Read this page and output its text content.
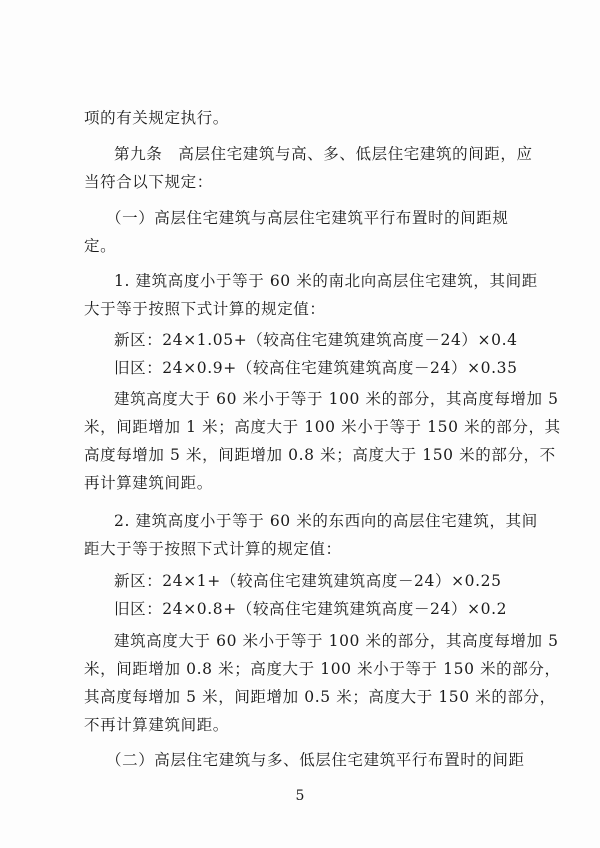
项的有关规定执行。
第九条　高层住宅建筑与高、多、低层住宅建筑的间距，应
当符合以下规定：
（一）高层住宅建筑与高层住宅建筑平行布置时的间距规
定。
1. 建筑高度小于等于 60 米的南北向高层住宅建筑，其间距
大于等于按照下式计算的规定值：
新区：24×1.05+（较高住宅建筑建筑高度－24）×0.4
旧区：24×0.9+（较高住宅建筑建筑高度－24）×0.35
建筑高度大于 60 米小于等于 100 米的部分，其高度每增加 5
米，间距增加 1 米；高度大于 100 米小于等于 150 米的部分，其
高度每增加 5 米，间距增加 0.8 米；高度大于 150 米的部分，不
再计算建筑间距。
2. 建筑高度小于等于 60 米的东西向的高层住宅建筑，其间
距大于等于按照下式计算的规定值：
新区：24×1+（较高住宅建筑建筑高度－24）×0.25
旧区：24×0.8+（较高住宅建筑建筑高度－24）×0.2
建筑高度大于 60 米小于等于 100 米的部分，其高度每增加 5
米，间距增加 0.8 米；高度大于 100 米小于等于 150 米的部分，
其高度每增加 5 米，间距增加 0.5 米；高度大于 150 米的部分，
不再计算建筑间距。
（二）高层住宅建筑与多、低层住宅建筑平行布置时的间距
5
